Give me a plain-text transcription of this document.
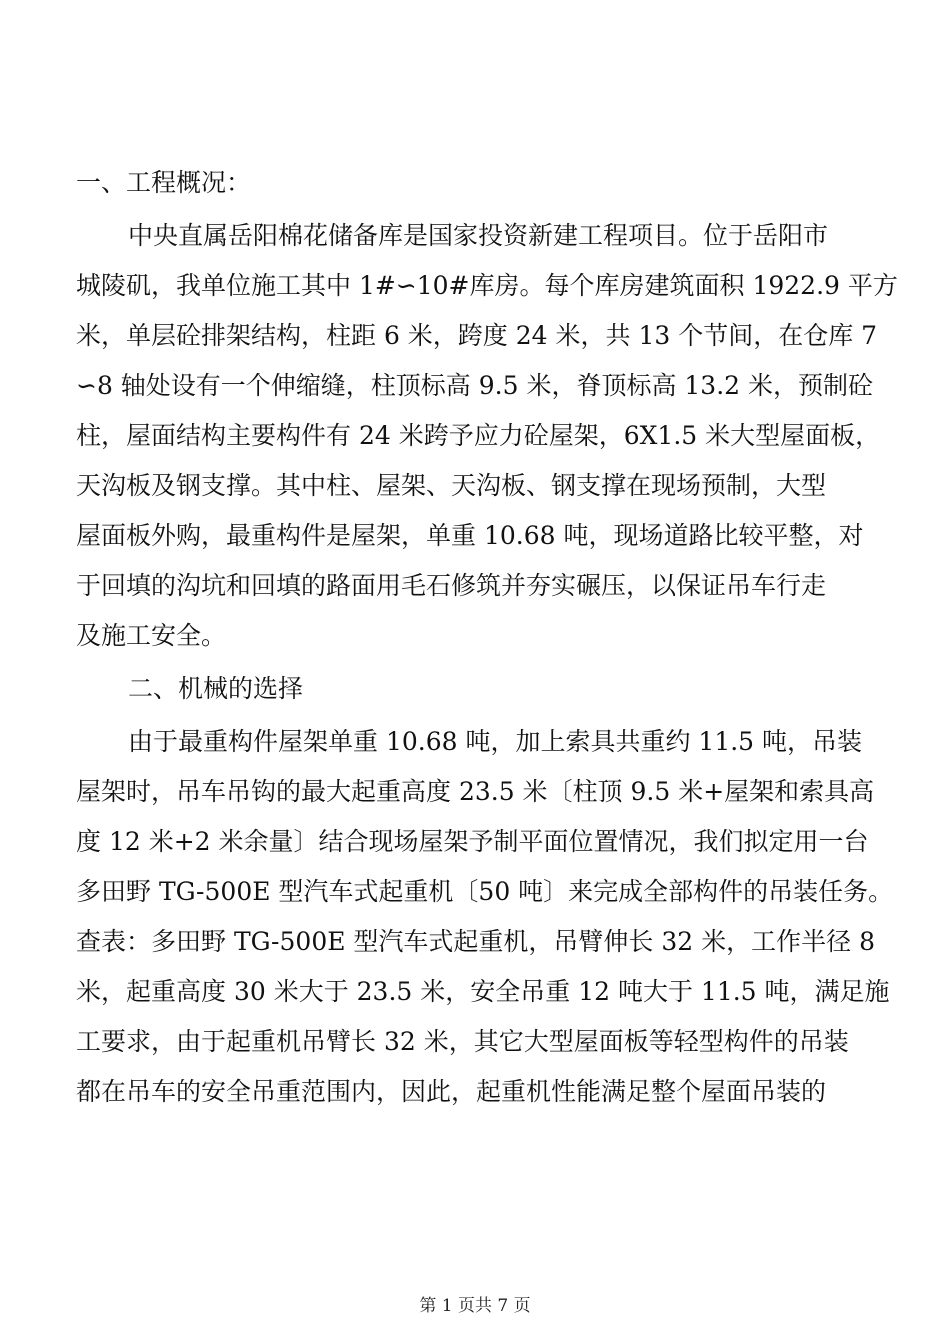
一、工程概况：

中央直属岳阳棉花储备库是国家投资新建工程项目。位于岳阳市
城陵矶，我单位施工其中 1#∽10#库房。每个库房建筑面积 1922.9 平方
米，单层砼排架结构，柱距 6 米，跨度 24 米，共 13 个节间，在仓库 7
∽8 轴处设有一个伸缩缝，柱顶标高 9.5 米，脊顶标高 13.2 米，预制砼
柱，屋面结构主要构件有 24 米跨予应力砼屋架，6X1.5 米大型屋面板，
天沟板及钢支撑。其中柱、屋架、天沟板、钢支撑在现场预制，大型
屋面板外购，最重构件是屋架，单重 10.68 吨，现场道路比较平整，对
于回填的沟坑和回填的路面用毛石修筑并夯实碾压，以保证吊车行走
及施工安全。

二、机械的选择

由于最重构件屋架单重 10.68 吨，加上索具共重约 11.5 吨，吊装
屋架时，吊车吊钩的最大起重高度 23.5 米〔柱顶 9.5 米+屋架和索具高
度 12 米+2 米余量〕结合现场屋架予制平面位置情况，我们拟定用一台
多田野 TG-500E 型汽车式起重机〔50 吨〕来完成全部构件的吊装任务。
查表：多田野 TG-500E 型汽车式起重机，吊臂伸长 32 米，工作半径 8
米，起重高度 30 米大于 23.5 米，安全吊重 12 吨大于 11.5 吨，满足施
工要求，由于起重机吊臂长 32 米，其它大型屋面板等轻型构件的吊装
都在吊车的安全吊重范围内，因此，起重机性能满足整个屋面吊装的
第 1 页共 7 页
